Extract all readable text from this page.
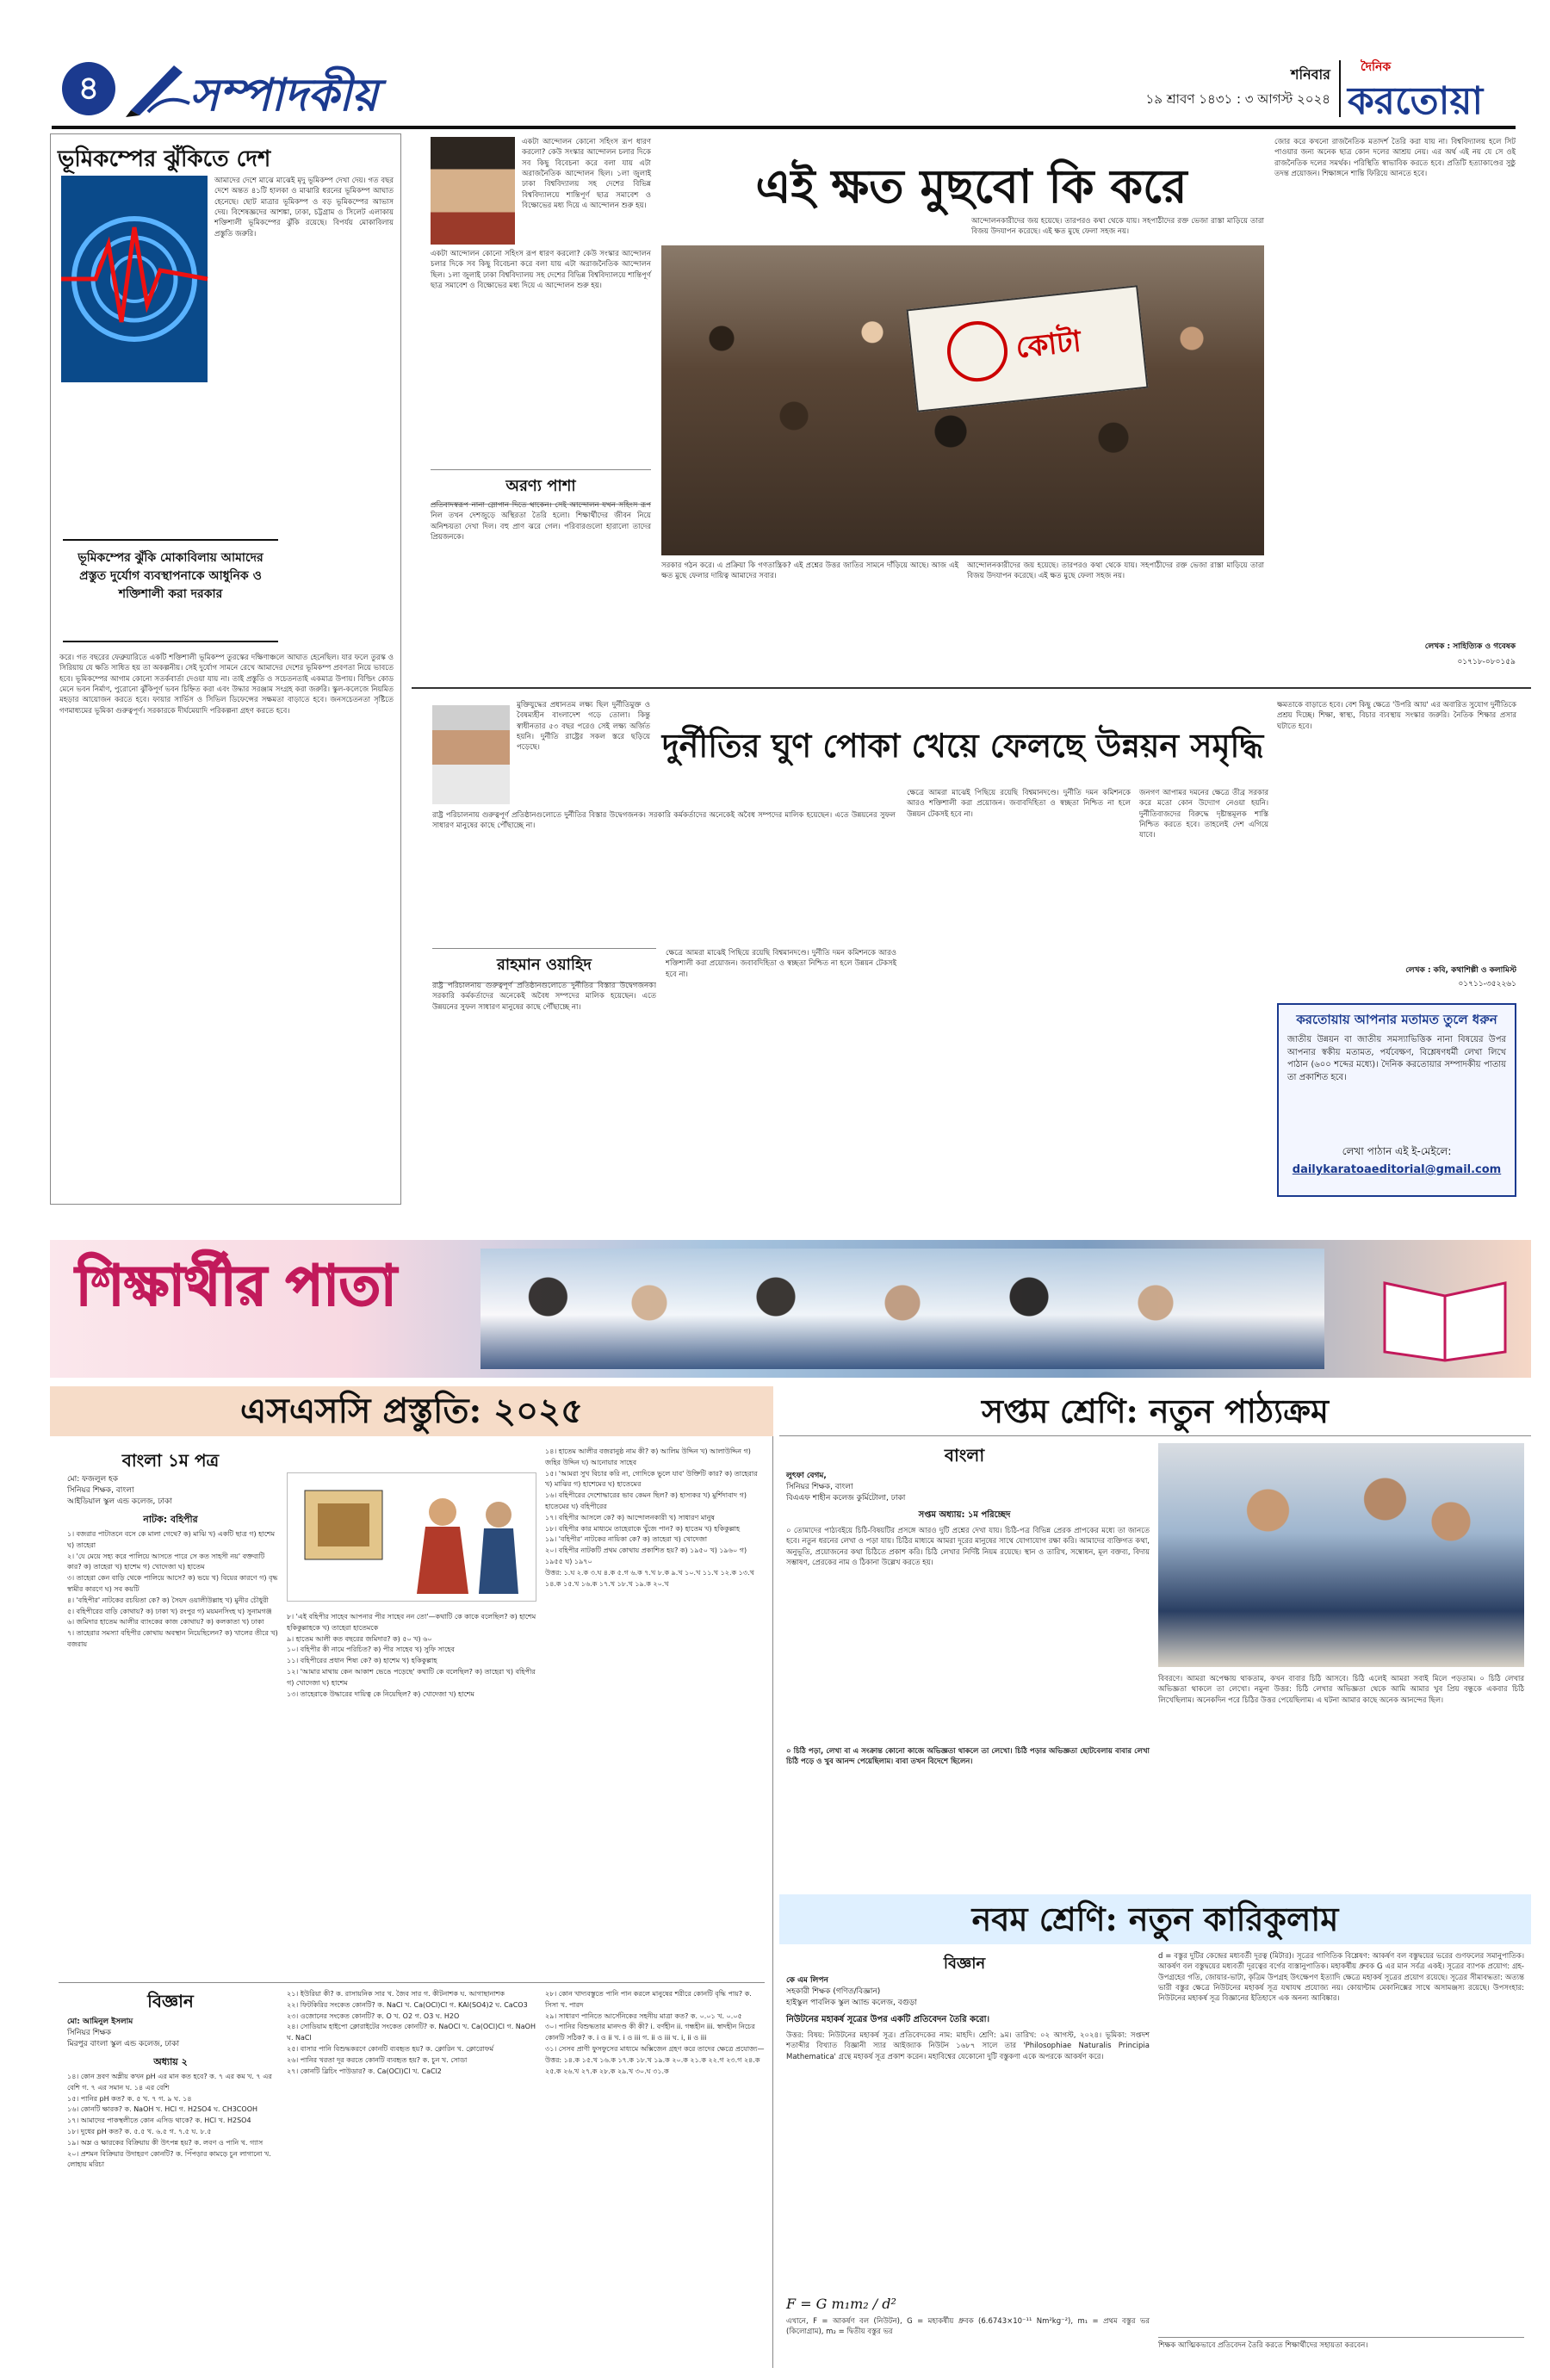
৪	সম্পাদকীয়	শনিবার
১৯ শ্রাবণ ১৪৩১ : ৩ আগস্ট ২০২৪
দৈনিক
করতোয়া
ভূমিকম্পের ঝুঁকিতে দেশ
আমাদের দেশে মাঝে মাঝেই মৃদু ভূমিকম্প দেখা দেয়। গত বছর দেশে অন্তত ৪১টি হালকা ও মাঝারি ধরনের ভূমিকম্প আঘাত হেনেছে। ছোট মাত্রার ভূমিকম্প ও বড় ভূমিকম্পের আভাস দেয়। বিশেষজ্ঞদের আশঙ্কা, ঢাকা, চট্টগ্রাম ও সিলেট এলাকায় শক্তিশালী ভূমিকম্পের ঝুঁকি রয়েছে। বিপর্যয় মোকাবিলায় প্রস্তুতি জরুরি।
ভূমিকম্পের ঝুঁকি মোকাবিলায় আমাদের প্রস্তুত দুর্যোগ ব্যবস্থাপনাকে আধুনিক ও শক্তিশালী করা দরকার
করে। গত বছরের ফেব্রুয়ারিতে একটি শক্তিশালী ভূমিকম্প তুরস্কের দক্ষিণাঞ্চলে আঘাত হেনেছিল। যার ফলে তুরস্ক ও সিরিয়ায় যে ক্ষতি সাধিত হয় তা অকল্পনীয়। সেই দুর্যোগ সামনে রেখে আমাদের দেশের ভূমিকম্প প্রবণতা নিয়ে ভাবতে হবে। ভূমিকম্পের আগাম কোনো সতর্কবার্তা দেওয়া যায় না। তাই প্রস্তুতি ও সচেতনতাই একমাত্র উপায়। বিল্ডিং কোড মেনে ভবন নির্মাণ, পুরোনো ঝুঁকিপূর্ণ ভবন চিহ্নিত করা এবং উদ্ধার সরঞ্জাম সংগ্রহ করা জরুরি। স্কুল-কলেজে নিয়মিত মহড়ার আয়োজন করতে হবে। ফায়ার সার্ভিস ও সিভিল ডিফেন্সের সক্ষমতা বাড়াতে হবে। জনসচেতনতা সৃষ্টিতে গণমাধ্যমের ভূমিকা গুরুত্বপূর্ণ। সরকারকে দীর্ঘমেয়াদি পরিকল্পনা গ্রহণ করতে হবে।
একটা আন্দোলন কোনো সহিংস রূপ ধারণ করলো? কেউ সংস্কার আন্দোলন চলার দিকে সব কিছু বিবেচনা করে বলা যায় এটা অরাজনৈতিক আন্দোলন ছিল। ১লা জুলাই ঢাকা বিশ্ববিদ্যালয় সহ দেশের বিভিন্ন বিশ্ববিদ্যালয়ে শান্তিপূর্ণ ছাত্র সমাবেশ ও বিক্ষোভের মধ্য দিয়ে এ আন্দোলন শুরু হয়।
একটা আন্দোলন কোনো সহিংস রূপ ধারণ করলো? কেউ সংস্কার আন্দোলন চলার দিকে সব কিছু বিবেচনা করে বলা যায় এটা অরাজনৈতিক আন্দোলন ছিল। ১লা জুলাই ঢাকা বিশ্ববিদ্যালয় সহ দেশের বিভিন্ন বিশ্ববিদ্যালয়ে শান্তিপূর্ণ ছাত্র সমাবেশ ও বিক্ষোভের মধ্য দিয়ে এ আন্দোলন শুরু হয়।
অরণ্য পাশা
প্রতিবাদস্বরূপ নানা স্লোগান দিতে থাকেন। সেই আন্দোলন যখন সহিংস রূপ নিল তখন দেশজুড়ে অস্থিরতা তৈরি হলো। শিক্ষার্থীদের জীবন নিয়ে অনিশ্চয়তা দেখা দিল। বহু প্রাণ ঝরে গেল। পরিবারগুলো হারালো তাদের প্রিয়জনকে।
এই ক্ষত মুছবো কি করে
কোটা
সরকার গঠন করে। এ প্রক্রিয়া কি গণতান্ত্রিক? এই প্রশ্নের উত্তর জাতির সামনে দাঁড়িয়ে আছে। আজ এই ক্ষত মুছে ফেলার দায়িত্ব আমাদের সবার।
আন্দোলনকারীদের জয় হয়েছে। তারপরও কথা থেকে যায়। সহপাঠীদের রক্ত ভেজা রাস্তা মাড়িয়ে তারা বিজয় উদযাপন করেছে। এই ক্ষত মুছে ফেলা সহজ নয়।
আন্দোলনকারীদের জয় হয়েছে। তারপরও কথা থেকে যায়। সহপাঠীদের রক্ত ভেজা রাস্তা মাড়িয়ে তারা বিজয় উদযাপন করেছে। এই ক্ষত মুছে ফেলা সহজ নয়।
জোর করে কখনো রাজনৈতিক মতাদর্শ তৈরি করা যায় না। বিশ্ববিদ্যালয় হলে সিট পাওয়ার জন্য অনেক ছাত্র কোন দলের আশ্রয় নেয়। এর অর্থ এই নয় যে সে ওই রাজনৈতিক দলের সমর্থক। পরিস্থিতি স্বাভাবিক করতে হবে। প্রতিটি হত্যাকাণ্ডের সুষ্ঠু তদন্ত প্রয়োজন। শিক্ষাঙ্গনে শান্তি ফিরিয়ে আনতে হবে।
লেখক : সাহিত্যিক ও গবেষক
০১৭১৮-০৮০১৫৯
মুক্তিযুদ্ধের প্রধানতম লক্ষ্য ছিল দুর্নীতিমুক্ত ও বৈষম্যহীন বাংলাদেশ গড়ে তোলা। কিন্তু স্বাধীনতার ৫৩ বছর পরেও সেই লক্ষ্য অর্জিত হয়নি। দুর্নীতি রাষ্ট্রের সকল স্তরে ছড়িয়ে পড়েছে।
রাষ্ট্র পরিচালনায় গুরুত্বপূর্ণ প্রতিষ্ঠানগুলোতে দুর্নীতির বিস্তার উদ্বেগজনক। সরকারি কর্মকর্তাদের অনেকেই অবৈধ সম্পদের মালিক হয়েছেন। এতে উন্নয়নের সুফল সাধারণ মানুষের কাছে পৌঁছাচ্ছে না।
দুর্নীতির ঘুণ পোকা খেয়ে ফেলছে উন্নয়ন সমৃদ্ধি
রাহমান ওয়াহিদ
রাষ্ট্র পরিচালনায় গুরুত্বপূর্ণ প্রতিষ্ঠানগুলোতে দুর্নীতির বিস্তার উদ্বেগজনক। সরকারি কর্মকর্তাদের অনেকেই অবৈধ সম্পদের মালিক হয়েছেন। এতে উন্নয়নের সুফল সাধারণ মানুষের কাছে পৌঁছাচ্ছে না।
ক্ষেত্রে আমরা মাঝেই পিছিয়ে রয়েছি বিশ্বমানদণ্ডে। দুর্নীতি দমন কমিশনকে আরও শক্তিশালী করা প্রয়োজন। জবাবদিহিতা ও স্বচ্ছতা নিশ্চিত না হলে উন্নয়ন টেকসই হবে না।
ক্ষেত্রে আমরা মাঝেই পিছিয়ে রয়েছি বিশ্বমানদণ্ডে। দুর্নীতি দমন কমিশনকে আরও শক্তিশালী করা প্রয়োজন। জবাবদিহিতা ও স্বচ্ছতা নিশ্চিত না হলে উন্নয়ন টেকসই হবে না।
জনগণ আপামর দমনের ক্ষেত্রে তীব্র সরকার করে মতো কোন উদ্যোগ নেওয়া হয়নি। দুর্নীতিবাজদের বিরুদ্ধে দৃষ্টান্তমূলক শাস্তি নিশ্চিত করতে হবে। তাহলেই দেশ এগিয়ে যাবে।
ক্ষমতাকে বাড়াতে হবে। বেশ কিছু ক্ষেত্রে 'উপরি আয়' এর অবারিত সুযোগ দুর্নীতিকে প্রশ্রয় দিচ্ছে। শিক্ষা, স্বাস্থ্য, বিচার ব্যবস্থায় সংস্কার জরুরি। নৈতিক শিক্ষার প্রসার ঘটাতে হবে।
লেখক : কবি, কথাশিল্পী ও কলামিস্ট
০১৭১১-৩৫২২৬১
করতোয়ায় আপনার মতামত তুলে ধরুন
জাতীয় উন্নয়ন বা জাতীয় সমস্যাভিত্তিক নানা বিষয়ের উপর আপনার স্বকীয় মতামত, পর্যবেক্ষণ, বিশ্লেষণধর্মী লেখা লিখে পাঠান (৬০০ শব্দের মধ্যে)। দৈনিক করতোয়ার সম্পাদকীয় পাতায় তা প্রকাশিত হবে।
লেখা পাঠান এই ই-মেইলে:
dailykaratoaeditorial@gmail.com
শিক্ষার্থীর পাতা
এসএসসি প্রস্তুতি: ২০২৫
বাংলা ১ম পত্র
মো: ফজলুল হক
সিনিয়র শিক্ষক, বাংলা
আইডিয়াল স্কুল এন্ড কলেজ, ঢাকা
নাটক: বহিপীর
১। বজরার পাটাতনে বসে কে মালা গেথে? ক) মাঝি খ) একটি ছাত্র গ) হাশেম ঘ) তাহেরা
২। 'যে মেয়ে সহ্য করে পালিয়ে আসতে পারে সে কত সাহসী নয়' বক্তব্যটি কার? ক) তাহেরা খ) হাশেম গ) খোদেজা ঘ) হাতেম
৩। তাহেরা কেন বাড়ি থেকে পালিয়ে আসে? ক) ভয়ে খ) বিয়ের কারণে গ) বৃদ্ধ স্বামীর কারণে ঘ) সব কয়টি
৪। 'বহিপীর' নাটকের রচয়িতা কে? ক) সৈয়দ ওয়ালীউল্লাহ খ) মুনীর চৌধুরী
৫। বহিপীরের বাড়ি কোথায়? ক) ঢাকা খ) রংপুর গ) ময়মনসিংহ ঘ) সুনামগঞ্জ
৬। জমিদার হাতেম আলীর ব্যাংকের কাজ কোথায়? ক) কলকাতা খ) ঢাকা
৭। তাহেরার সমস্যা বহিপীর কোথায় অবস্থান নিয়েছিলেন? ক) খালের তীরে খ) বজরায়
৮। 'এই বহিপীর সাহেব আপনার পীর সাহেব নন তো'—কথাটি কে কাকে বলেছিল? ক) হাশেম হকিকুল্লাহকে খ) তাহেরা হাতেমকে
৯। হাতেম আলী কত বছরের জমিদার? ক) ৫০ খ) ৬০
১০। বহিপীর কী নামে পরিচিত? ক) পীর সাহেব খ) সুফি সাহেব
১১। বহিপীরের প্রধান শিষ্য কে? ক) হাশেম খ) হকিকুল্লাহ
১২। 'আমার মাথায় কেন আকাশ ভেঙে পড়েছে' কথাটি কে বলেছিল? ক) তাহেরা খ) বহিপীর গ) খোদেজা ঘ) হাশেম
১৩। তাহেরাকে উদ্ধারের দায়িত্ব কে নিয়েছিল? ক) খোদেজা খ) হাশেম
১৪। হাতেম আলীর বজরানুষ্ঠ নাম কী? ক) আলিম উদ্দিন খ) আলাউদ্দিন গ) জহির উদ্দিন ঘ) আনোয়ার সাহেব
১৫। 'আমরা সুখ বিচার করি না, গোদিকে ভুলে যাব' উক্তিটি কার? ক) তাহেরার খ) মাঝির গ) হাশেমের ঘ) হাতেমের
১৬। বহিপীরের দেশোদ্ধারের ভাব কেমন ছিল? ক) হাস্যকর খ) মুর্শিদাবাদ গ) হাতেমের ঘ) বহিপীরের
১৭। বহিপীর আসলে কে? ক) আন্দোলনকারী খ) সাধারণ মানুষ
১৮। বহিপীর কার মাধ্যমে তাহেরাকে খুঁজে পান? ক) হাতেম খ) হকিকুল্লাহ
১৯। 'বহিপীর' নাটকের নায়িকা কে? ক) তাহেরা খ) খোদেজা
২০। বহিপীর নাটকটি প্রথম কোথায় প্রকাশিত হয়? ক) ১৯৫০ খ) ১৯৬০ গ) ১৯৫৫ ঘ) ১৯৭০
উত্তর: ১.ঘ ২.ক ৩.ঘ ৪.ক ৫.গ ৬.ক ৭.খ ৮.ক ৯.খ ১০.খ ১১.খ ১২.ক ১৩.খ ১৪.ক ১৫.খ ১৬.ক ১৭.খ ১৮.খ ১৯.ক ২০.খ
বিজ্ঞান
মো: আমিনুল ইসলাম
সিনিয়র শিক্ষক
মিরপুর বাংলা স্কুল এন্ড কলেজ, ঢাকা
অধ্যায় ২
১৪। কোন দ্রবণ অম্লীয় কখন pH এর মান কত হবে? ক. ৭ এর কম খ. ৭ এর বেশি গ. ৭ এর সমান ঘ. ১৪ এর বেশি
১৫। পানির pH কত? ক. ৫ খ. ৭ গ. ৯ ঘ. ১৪
১৬। কোনটি ক্ষারক? ক. NaOH খ. HCl গ. H2SO4 ঘ. CH3COOH
১৭। আমাদের পাকস্থলীতে কোন এসিড থাকে? ক. HCl খ. H2SO4
১৮। দুধের pH কত? ক. ৫.৫ খ. ৬.৫ গ. ৭.৫ ঘ. ৮.৫
১৯। অম্ল ও ক্ষারকের বিক্রিয়ায় কী উৎপন্ন হয়? ক. লবণ ও পানি খ. গ্যাস
২০। প্রশমন বিক্রিয়ার উদাহরণ কোনটি? ক. পিঁপড়ার কামড়ে চুন লাগানো খ. লোহায় মরিচা
২১। ইউরিয়া কী? ক. রাসায়নিক সার খ. জৈব সার গ. কীটনাশক ঘ. আগাছানাশক
২২। ফিটকিরির সংকেত কোনটি? ক. NaCl খ. Ca(OCl)Cl গ. KAl(SO4)2 ঘ. CaCO3
২৩। ওজোনের সংকেত কোনটি? ক. O খ. O2 গ. O3 ঘ. H2O
২৪। সোডিয়াম হাইপো ক্লোরাইটের সংকেত কোনটি? ক. NaOCl খ. Ca(OCl)Cl গ. NaOH ঘ. NaCl
২৫। বাসার পানি বিশুদ্ধকরণে কোনটি ব্যবহৃত হয়? ক. ক্লোরিন খ. ক্লোরোফর্ম
২৬। পানির খরতা দূর করতে কোনটি ব্যবহৃত হয়? ক. চুন খ. সোডা
২৭। কোনটি ব্লিচিং পাউডার? ক. Ca(OCl)Cl খ. CaCl2
২৮। কোন খাদ্যবস্তুতে পানি পান করলে মানুষের শরীরে কোনটি বৃদ্ধি পায়? ক. সিসা খ. পারদ
২৯। সাধারণ পানিতে আর্সেনিকের সহনীয় মাত্রা কত? ক. ০.০১ খ. ০.০৫
৩০। পানির বিশুদ্ধতার মানদণ্ড কী কী? i. বর্ণহীন ii. গন্ধহীন iii. স্বাদহীন নিচের কোনটি সঠিক? ক. i ও ii খ. i ও iii গ. ii ও iii ঘ. i, ii ও iii
৩১। সেসব প্রাণী ফুসফুসের মাধ্যমে অক্সিজেন গ্রহণ করে তাদের ক্ষেত্রে প্রযোজ্য—
উত্তর: ১৪.ক ১৫.খ ১৬.ক ১৭.ক ১৮.খ ১৯.ক ২০.ক ২১.ক ২২.গ ২৩.গ ২৪.ক ২৫.ক ২৬.খ ২৭.ক ২৮.ক ২৯.খ ৩০.ঘ ৩১.ক
সপ্তম শ্রেণি: নতুন পাঠ্যক্রম
বাংলা
লুৎফা বেগম,
সিনিয়র শিক্ষক, বাংলা
বিএএফ শাহীন কলেজ কুর্মিটোলা, ঢাকা
সপ্তম অধ্যায়: ১ম পরিচ্ছেদ
০ তোমাদের পাঠ্যবইয়ে চিঠি-বিষয়টির প্রসঙ্গে আরও দুটি প্রশ্নের দেখা যায়। চিঠি-পত্র বিভিন্ন প্রেরক প্রাপকের মধ্যে তা জানতে হবে। নতুন ধরনের লেখা ও পড়া যায়। চিঠির মাধ্যমে আমরা দূরের মানুষের সাথে যোগাযোগ রক্ষা করি। আমাদের ব্যক্তিগত কথা, অনুভূতি, প্রয়োজনের কথা চিঠিতে প্রকাশ করি। চিঠি লেখার নির্দিষ্ট নিয়ম রয়েছে। স্থান ও তারিখ, সম্বোধন, মূল বক্তব্য, বিদায় সম্ভাষণ, প্রেরকের নাম ও ঠিকানা উল্লেখ করতে হয়।
০ চিঠি পড়া, লেখা বা এ সংক্রান্ত কোনো কাজে অভিজ্ঞতা থাকলে তা লেখো। চিঠি পড়ার অভিজ্ঞতা ছোটবেলায় বাবার লেখা চিঠি পড়ে ও খুব আনন্দ পেয়েছিলাম। বাবা তখন বিদেশে ছিলেন।
বিবরণে। আমরা অপেক্ষায় থাকতাম, কখন বাবার চিঠি আসবে। চিঠি এলেই আমরা সবাই মিলে পড়তাম। ০ চিঠি লেখার অভিজ্ঞতা থাকলে তা লেখো। নমুনা উত্তর: চিঠি লেখার অভিজ্ঞতা থেকে আমি আমার খুব প্রিয় বন্ধুকে একবার চিঠি লিখেছিলাম। অনেকদিন পরে চিঠির উত্তর পেয়েছিলাম। এ ঘটনা আমার কাছে অনেক আনন্দের ছিল।
নবম শ্রেণি: নতুন কারিকুলাম
বিজ্ঞান
কে এম লিপন
সহকারী শিক্ষক (গণিত/বিজ্ঞান)
হাইস্কুল পাবলিক স্কুল অ্যান্ড কলেজ, বগুড়া
নিউটনের মহাকর্ষ সূত্রের উপর একটি প্রতিবেদন তৈরি করো।
উত্তর: বিষয়: নিউটনের মহাকর্ষ সূত্র। প্রতিবেদকের নাম: মাহদি। শ্রেণি: ৯ম। তারিখ: ০২ আগস্ট, ২০২৪। ভূমিকা: সপ্তদশ শতাব্দীর বিখ্যাত বিজ্ঞানী স্যার আইজ্যাক নিউটন ১৬৮৭ সালে তার 'Philosophiae Naturalis Principia Mathematica' গ্রন্থে মহাকর্ষ সূত্র প্রকাশ করেন। মহাবিশ্বের যেকোনো দুটি বস্তুকণা একে অপরকে আকর্ষণ করে।
F = G m₁m₂ / d²
এখানে, F = আকর্ষণ বল (নিউটন), G = মহাকর্ষীয় ধ্রুবক (6.6743×10⁻¹¹ Nm²kg⁻²), m₁ = প্রথম বস্তুর ভর (কিলোগ্রাম), m₂ = দ্বিতীয় বস্তুর ভর
d = বস্তুর দুটির কেন্দ্রের মধ্যবর্তী দূরত্ব (মিটার)। সূত্রের গাণিতিক বিশ্লেষণ: আকর্ষণ বল বস্তুদ্বয়ের ভরের গুণফলের সমানুপাতিক। আকর্ষণ বল বস্তুদ্বয়ের মধ্যবর্তী দূরত্বের বর্গের ব্যস্তানুপাতিক। মহাকর্ষীয় ধ্রুবক G এর মান সর্বত্র একই। সূত্রের ব্যাপক প্রয়োগ: গ্রহ-উপগ্রহের গতি, জোয়ার-ভাটা, কৃত্রিম উপগ্রহ উৎক্ষেপণ ইত্যাদি ক্ষেত্রে মহাকর্ষ সূত্রের প্রয়োগ রয়েছে। সূত্রের সীমাবদ্ধতা: অত্যন্ত ভারী বস্তুর ক্ষেত্রে নিউটনের মহাকর্ষ সূত্র যথাযথ প্রযোজ্য নয়। কোয়ান্টাম মেকানিক্সের সাথে অসামঞ্জস্য রয়েছে। উপসংহার: নিউটনের মহাকর্ষ সূত্র বিজ্ঞানের ইতিহাসে এক অনন্য আবিষ্কার।
শিক্ষক আত্মিকভাবে প্রতিবেদন তৈরি করতে শিক্ষার্থীদের সহায়তা করবেন।
